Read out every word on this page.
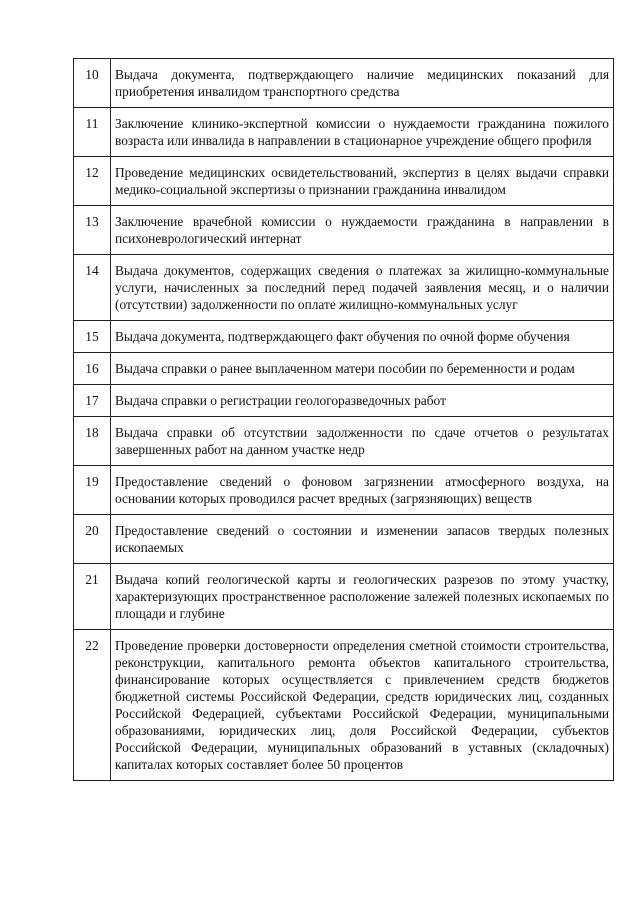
10	Выдача документа, подтверждающего наличие медицинских показаний для приобретения инвалидом транспортного средства
11	Заключение клинико-экспертной комиссии о нуждаемости гражданина пожилого возраста или инвалида в направлении в стационарное учреждение общего профиля
12	Проведение медицинских освидетельствований, экспертиз в целях выдачи справки медико-социальной экспертизы о признании гражданина инвалидом
13	Заключение врачебной комиссии о нуждаемости гражданина в направлении в психоневрологический интернат
14	Выдача документов, содержащих сведения о платежах за жилищно-коммунальные услуги, начисленных за последний перед подачей заявления месяц, и о наличии (отсутствии) задолженности по оплате жилищно-коммунальных услуг
15	Выдача документа, подтверждающего факт обучения по очной форме обучения
16	Выдача справки о ранее выплаченном матери пособии по беременности и родам
17	Выдача справки о регистрации геологоразведочных работ
18	Выдача справки об отсутствии задолженности по сдаче отчетов о результатах завершенных работ на данном участке недр
19	Предоставление сведений о фоновом загрязнении атмосферного воздуха, на основании которых проводился расчет вредных (загрязняющих) веществ
20	Предоставление сведений о состоянии и изменении запасов твердых полезных ископаемых
21	Выдача копий геологической карты и геологических разрезов по этому участку, характеризующих пространственное расположение залежей полезных ископаемых по площади и глубине
22	Проведение проверки достоверности определения сметной стоимости строительства, реконструкции, капитального ремонта объектов капитального строительства, финансирование которых осуществляется с привлечением средств бюджетов бюджетной системы Российской Федерации, средств юридических лиц, созданных Российской Федерацией, субъектами Российской Федерации, муниципальными образованиями, юридических лиц, доля Российской Федерации, субъектов Российской Федерации, муниципальных образований в уставных (складочных) капиталах которых составляет более 50 процентов
